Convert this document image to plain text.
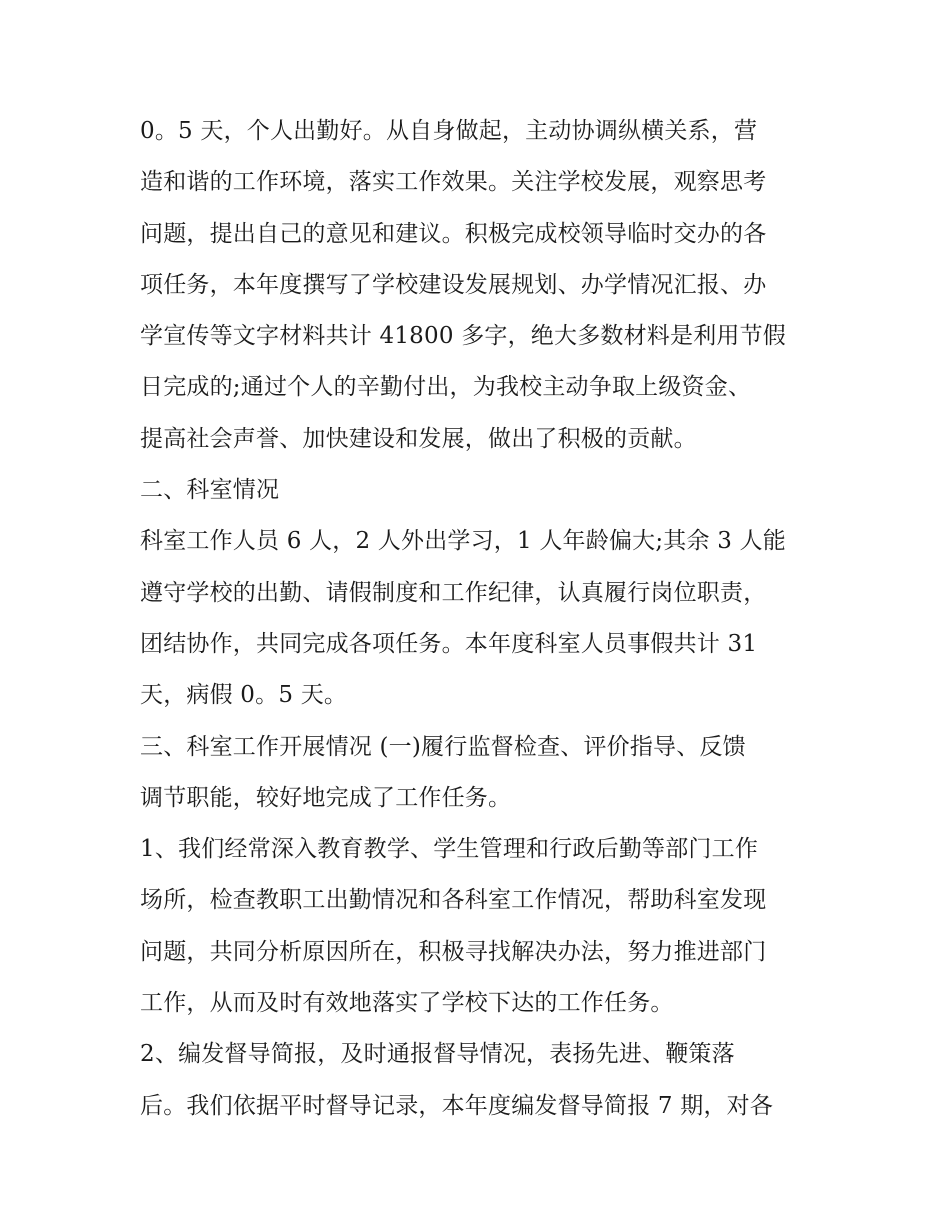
0。5 天，个人出勤好。从自身做起，主动协调纵横关系，营
造和谐的工作环境，落实工作效果。关注学校发展，观察思考
问题，提出自己的意见和建议。积极完成校领导临时交办的各
项任务，本年度撰写了学校建设发展规划、办学情况汇报、办
学宣传等文字材料共计 41800 多字，绝大多数材料是利用节假
日完成的;通过个人的辛勤付出，为我校主动争取上级资金、
提高社会声誉、加快建设和发展，做出了积极的贡献。
二、科室情况
科室工作人员 6 人，2 人外出学习，1 人年龄偏大;其余 3 人能
遵守学校的出勤、请假制度和工作纪律，认真履行岗位职责，
团结协作，共同完成各项任务。本年度科室人员事假共计 31
天，病假 0。5 天。
三、科室工作开展情况 (一)履行监督检查、评价指导、反馈
调节职能，较好地完成了工作任务。
1、我们经常深入教育教学、学生管理和行政后勤等部门工作
场所，检查教职工出勤情况和各科室工作情况，帮助科室发现
问题，共同分析原因所在，积极寻找解决办法，努力推进部门
工作，从而及时有效地落实了学校下达的工作任务。
2、编发督导简报，及时通报督导情况，表扬先进、鞭策落
后。我们依据平时督导记录，本年度编发督导简报 7 期，对各
